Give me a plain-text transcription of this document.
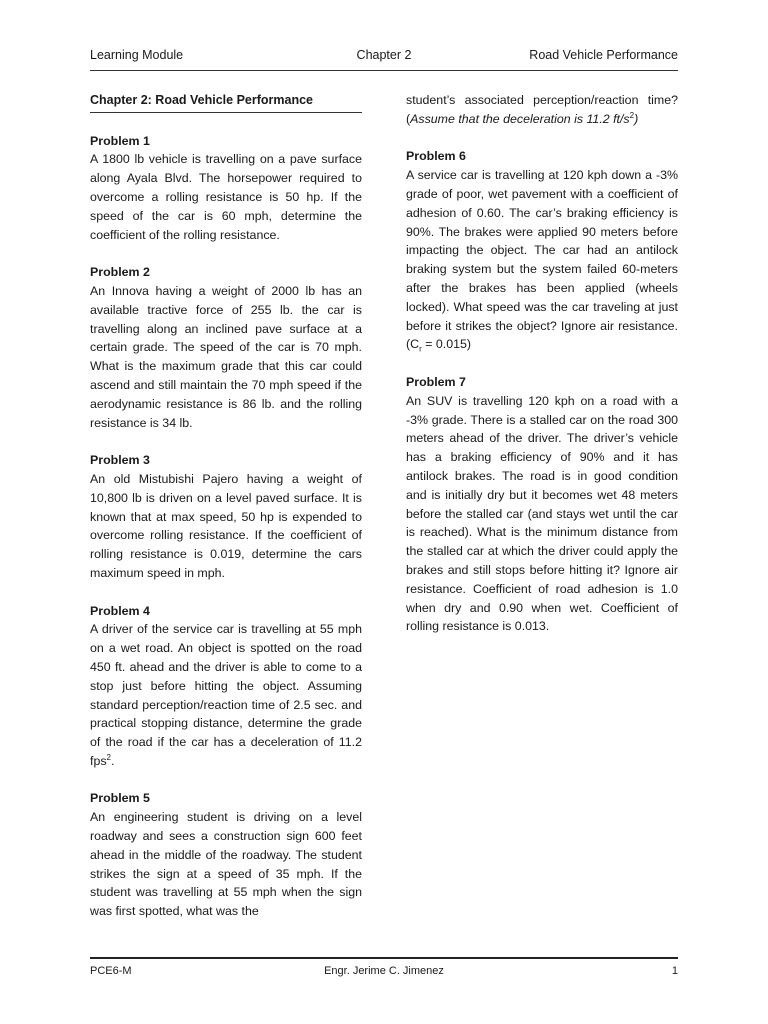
Learning Module	Chapter 2	Road Vehicle Performance

Chapter 2: Road Vehicle Performance

Problem 1

A 1800 lb vehicle is travelling on a pave surface along Ayala Blvd. The horsepower required to overcome a rolling resistance is 50 hp. If the speed of the car is 60 mph, determine the coefficient of the rolling resistance.

Problem 2

An Innova having a weight of 2000 lb has an available tractive force of 255 lb. the car is travelling along an inclined pave surface at a certain grade. The speed of the car is 70 mph. What is the maximum grade that this car could ascend and still maintain the 70 mph speed if the aerodynamic resistance is 86 lb. and the rolling resistance is 34 lb.

Problem 3

An old Mistubishi Pajero having a weight of 10,800 lb is driven on a level paved surface. It is known that at max speed, 50 hp is expended to overcome rolling resistance. If the coefficient of rolling resistance is 0.019, determine the cars maximum speed in mph.

Problem 4

A driver of the service car is travelling at 55 mph on a wet road. An object is spotted on the road 450 ft. ahead and the driver is able to come to a stop just before hitting the object. Assuming standard perception/reaction time of 2.5 sec. and practical stopping distance, determine the grade of the road if the car has a deceleration of 11.2 fps$^2$.

Problem 5

An engineering student is driving on a level roadway and sees a construction sign 600 feet ahead in the middle of the roadway. The student strikes the sign at a speed of 35 mph. If the student was travelling at 55 mph when the sign was first spotted, what was the

student’s associated perception/reaction time? (Assume that the deceleration is 11.2 $ft/s^2$)

Problem 6

A service car is travelling at 120 kph down a -3% grade of poor, wet pavement with a coefficient of adhesion of 0.60. The car’s braking efficiency is 90%. The brakes were applied 90 meters before impacting the object. The car had an antilock braking system but the system failed 60-meters after the brakes has been applied (wheels locked). What speed was the car traveling at just before it strikes the object? Ignore air resistance. $(C_r = 0.015)$

Problem 7

An SUV is travelling 120 kph on a road with a -3% grade. There is a stalled car on the road 300 meters ahead of the driver. The driver’s vehicle has a braking efficiency of 90% and it has antilock brakes. The road is in good condition and is initially dry but it becomes wet 48 meters before the stalled car (and stays wet until the car is reached). What is the minimum distance from the stalled car at which the driver could apply the brakes and still stops before hitting it? Ignore air resistance. Coefficient of road adhesion is 1.0 when dry and 0.90 when wet. Coefficient of rolling resistance is 0.013.

PCE6-M	Engr. Jerime C. Jimenez	1
